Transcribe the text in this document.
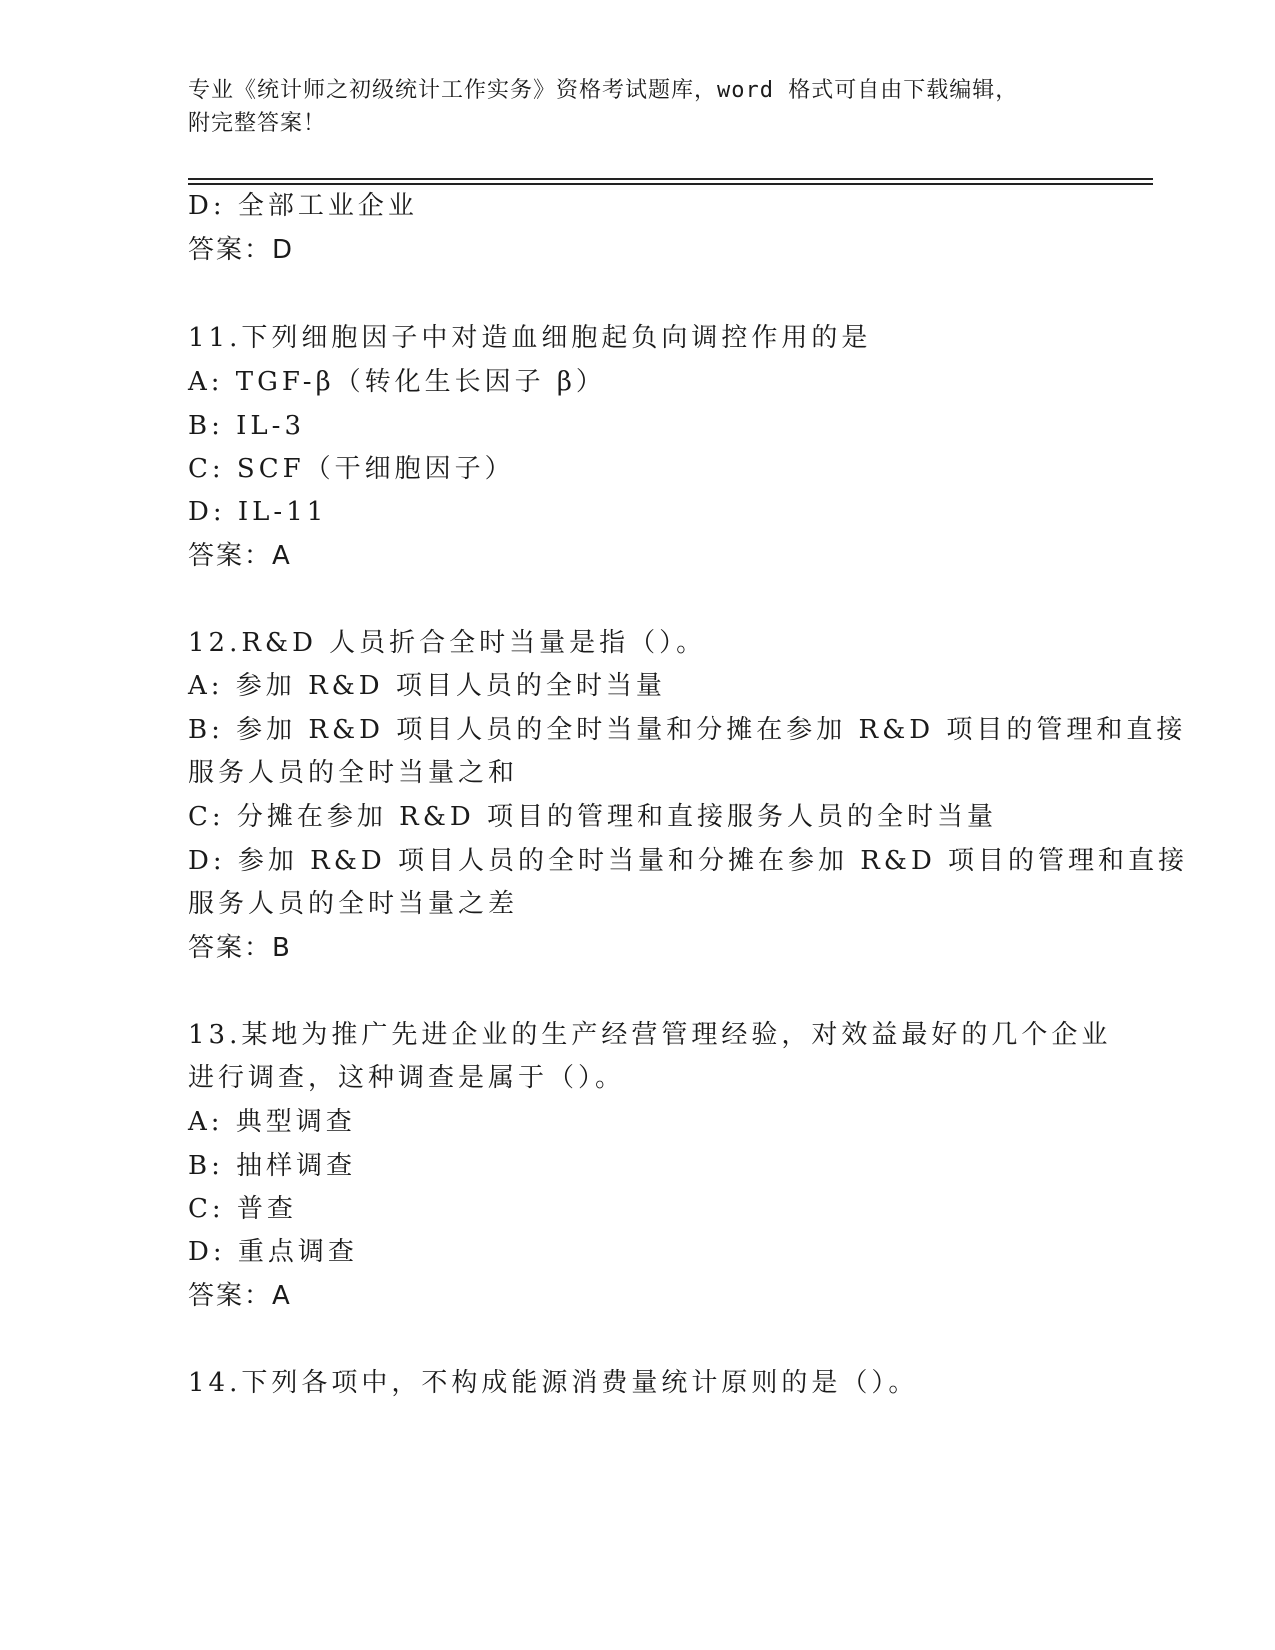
专业《统计师之初级统计工作实务》资格考试题库，word 格式可自由下载编辑，
附完整答案！
D: 全部工业企业
答案：D
11.下列细胞因子中对造血细胞起负向调控作用的是
A: TGF-β（转化生长因子 β）
B: IL-3
C: SCF（干细胞因子）
D: IL-11
答案：A
12.R&D 人员折合全时当量是指（）。
A: 参加 R&D 项目人员的全时当量
B: 参加 R&D 项目人员的全时当量和分摊在参加 R&D 项目的管理和直接
服务人员的全时当量之和
C: 分摊在参加 R&D 项目的管理和直接服务人员的全时当量
D: 参加 R&D 项目人员的全时当量和分摊在参加 R&D 项目的管理和直接
服务人员的全时当量之差
答案：B
13.某地为推广先进企业的生产经营管理经验，对效益最好的几个企业
进行调查，这种调查是属于（）。
A: 典型调查
B: 抽样调查
C: 普查
D: 重点调查
答案：A
14.下列各项中，不构成能源消费量统计原则的是（）。
